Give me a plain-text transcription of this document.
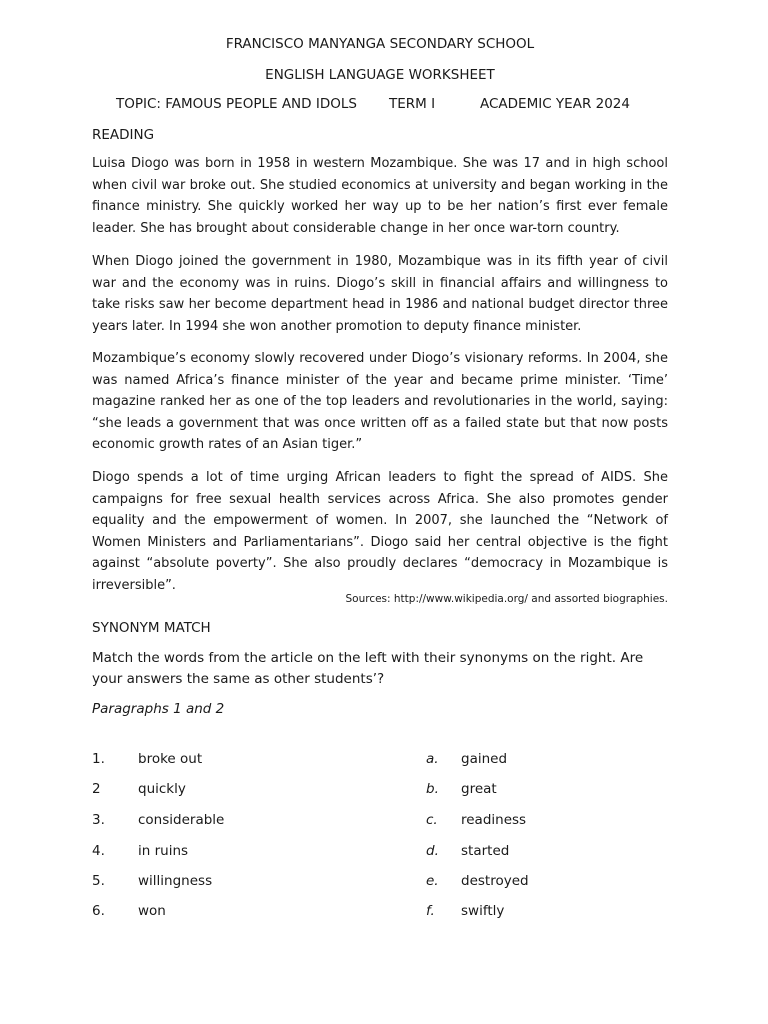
FRANCISCO MANYANGA SECONDARY SCHOOL
ENGLISH LANGUAGE WORKSHEET
TOPIC: FAMOUS PEOPLE AND IDOLS TERM I	ACADEMIC YEAR 2024
READING

Luisa Diogo was born in 1958 in western Mozambique. She was 17 and in high school when civil war broke out. She studied economics at university and began working in the finance ministry. She quickly worked her way up to be her nation’s first ever female leader. She has brought about considerable change in her once war-torn country.

When Diogo joined the government in 1980, Mozambique was in its fifth year of civil war and the economy was in ruins. Diogo’s skill in financial affairs and willingness to take risks saw her become department head in 1986 and national budget director three years later. In 1994 she won another promotion to deputy finance minister.

Mozambique’s economy slowly recovered under Diogo’s visionary reforms. In 2004, she was named Africa’s finance minister of the year and became prime minister. ‘Time’ magazine ranked her as one of the top leaders and revolutionaries in the world, saying: “she leads a government that was once written off as a failed state but that now posts economic growth rates of an Asian tiger.”

Diogo spends a lot of time urging African leaders to fight the spread of AIDS. She campaigns for free sexual health services across Africa. She also promotes gender equality and the empowerment of women. In 2007, she launched the “Network of Women Ministers and Parliamentarians”. Diogo said her central objective is the fight against “absolute poverty”. She also proudly declares “democracy in Mozambique is irreversible”.

Sources: http://www.wikipedia.org/ and assorted biographies.
SYNONYM MATCH
Match the words from the article on the left with their synonyms on the right. Are your answers the same as other students’?
Paragraphs 1 and 2
1. broke out	a. gained
2	quickly	b. great
3. considerable	c. readiness
4. in ruins	d. started
5. willingness	e. destroyed
6. won	f. swiftly
